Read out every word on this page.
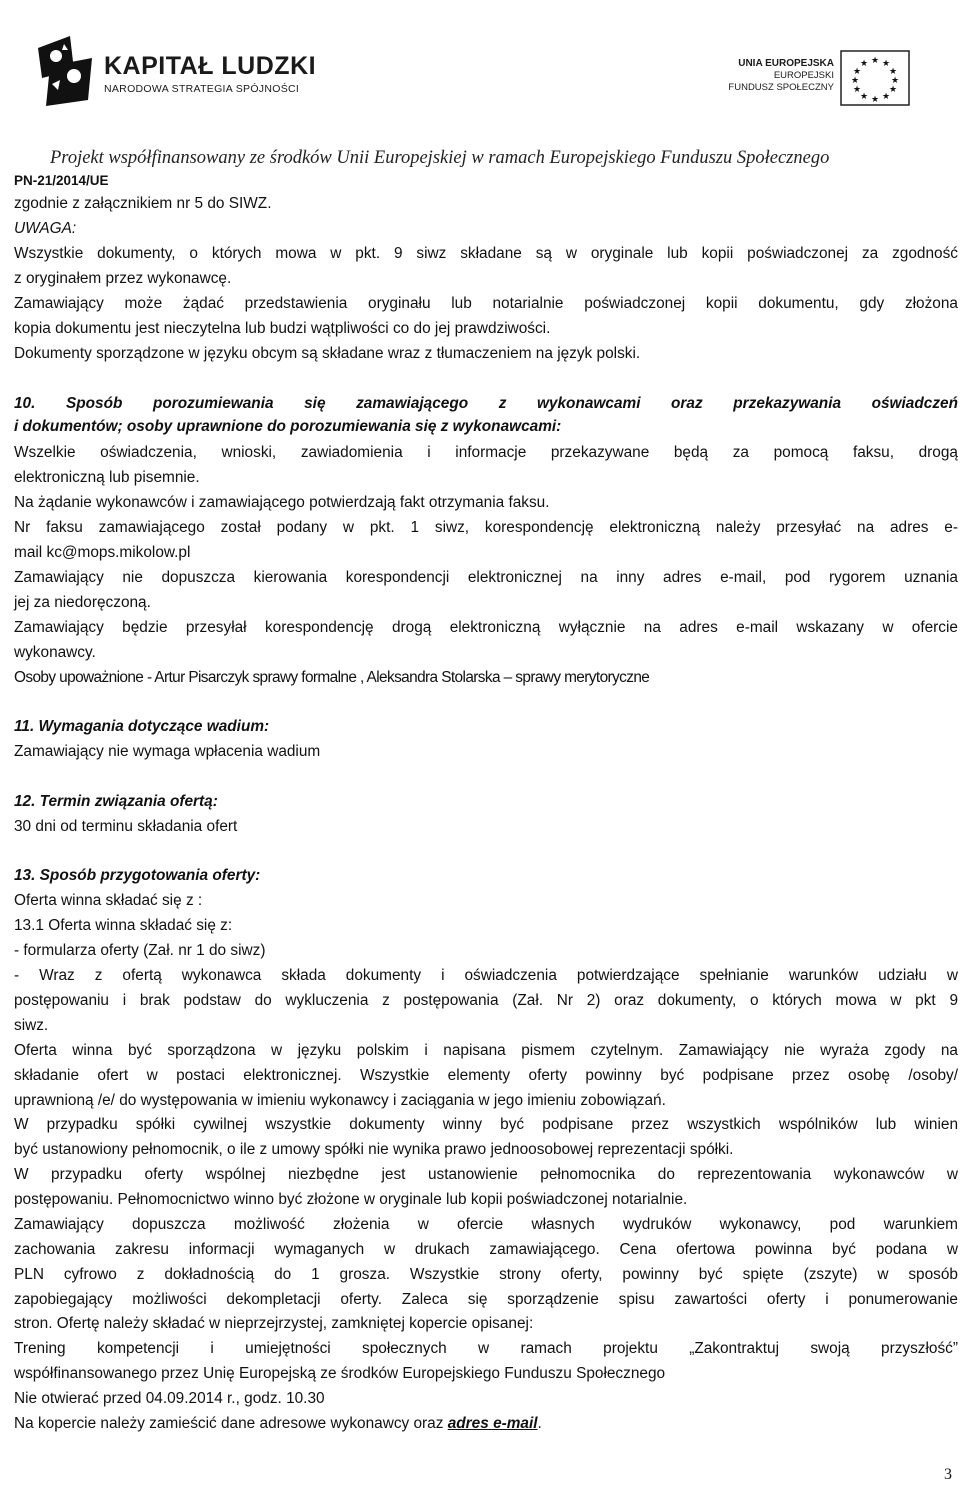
KAPITAŁ LUDZKI
NARODOWA STRATEGIA SPÓJNOŚCI
UNIA EUROPEJSKA
EUROPEJSKI
FUNDUSZ SPOŁECZNY
★ ★
★
★
★
★
★
★
★
★
★
★
Projekt współfinansowany ze środków Unii Europejskiej w ramach Europejskiego Funduszu Społecznego
PN-21/2014/UE
zgodnie z załącznikiem nr 5 do SIWZ.
UWAGA:
Wszystkie dokumenty, o których mowa w pkt. 9 siwz składane są w oryginale lub kopii poświadczonej za zgodność
z oryginałem przez wykonawcę.
Zamawiający może żądać przedstawienia oryginału lub notarialnie poświadczonej kopii dokumentu, gdy złożona
kopia dokumentu jest nieczytelna lub budzi wątpliwości co do jej prawdziwości.
Dokumenty sporządzone w języku obcym są składane wraz z tłumaczeniem na język polski.
10. Sposób porozumiewania się zamawiającego z wykonawcami oraz przekazywania oświadczeń
i dokumentów; osoby uprawnione do porozumiewania się z wykonawcami:
Wszelkie oświadczenia, wnioski, zawiadomienia i informacje przekazywane będą za pomocą faksu, drogą
elektroniczną lub pisemnie.
Na żądanie wykonawców i zamawiającego potwierdzają fakt otrzymania faksu.
Nr faksu zamawiającego został podany w pkt. 1 siwz, korespondencję elektroniczną należy przesyłać na adres e-
mail kc@mops.mikolow.pl
Zamawiający nie dopuszcza kierowania korespondencji elektronicznej na inny adres e-mail, pod rygorem uznania
jej za niedoręczoną.
Zamawiający będzie przesyłał korespondencję drogą elektroniczną wyłącznie na adres e-mail wskazany w ofercie
wykonawcy.
Osoby upoważnione - Artur Pisarczyk sprawy formalne , Aleksandra Stolarska – sprawy merytoryczne
11. Wymagania dotyczące wadium:
Zamawiający nie wymaga wpłacenia wadium
12. Termin związania ofertą:
30 dni od terminu składania ofert
13. Sposób przygotowania oferty:
Oferta winna składać się z :
13.1 Oferta winna składać się z:
- formularza oferty (Zał. nr 1 do siwz)
- Wraz z ofertą wykonawca składa dokumenty i oświadczenia potwierdzające spełnianie warunków udziału w
postępowaniu i brak podstaw do wykluczenia z postępowania (Zał. Nr 2) oraz dokumenty, o których mowa w pkt 9
siwz.
Oferta winna być sporządzona w języku polskim i napisana pismem czytelnym. Zamawiający nie wyraża zgody na
składanie ofert w postaci elektronicznej. Wszystkie elementy oferty powinny być podpisane przez osobę /osoby/
uprawnioną /e/ do występowania w imieniu wykonawcy i zaciągania w jego imieniu zobowiązań.
W przypadku spółki cywilnej wszystkie dokumenty winny być podpisane przez wszystkich wspólników lub winien
być ustanowiony pełnomocnik, o ile z umowy spółki nie wynika prawo jednoosobowej reprezentacji spółki.
W przypadku oferty wspólnej niezbędne jest ustanowienie pełnomocnika do reprezentowania wykonawców w
postępowaniu. Pełnomocnictwo winno być złożone w oryginale lub kopii poświadczonej notarialnie.
Zamawiający dopuszcza możliwość złożenia w ofercie własnych wydruków wykonawcy, pod warunkiem
zachowania zakresu informacji wymaganych w drukach zamawiającego. Cena ofertowa powinna być podana w
PLN cyfrowo z dokładnością do 1 grosza. Wszystkie strony oferty, powinny być spięte (zszyte) w sposób
zapobiegający możliwości dekompletacji oferty. Zaleca się sporządzenie spisu zawartości oferty i ponumerowanie
stron. Ofertę należy składać w nieprzejrzystej, zamkniętej kopercie opisanej:
Trening kompetencji i umiejętności społecznych w ramach projektu „Zakontraktuj swoją przyszłość”
współfinansowanego przez Unię Europejską ze środków Europejskiego Funduszu Społecznego
Nie otwierać przed 04.09.2014 r., godz. 10.30
Na kopercie należy zamieścić dane adresowe wykonawcy oraz adres e-mail.
3
